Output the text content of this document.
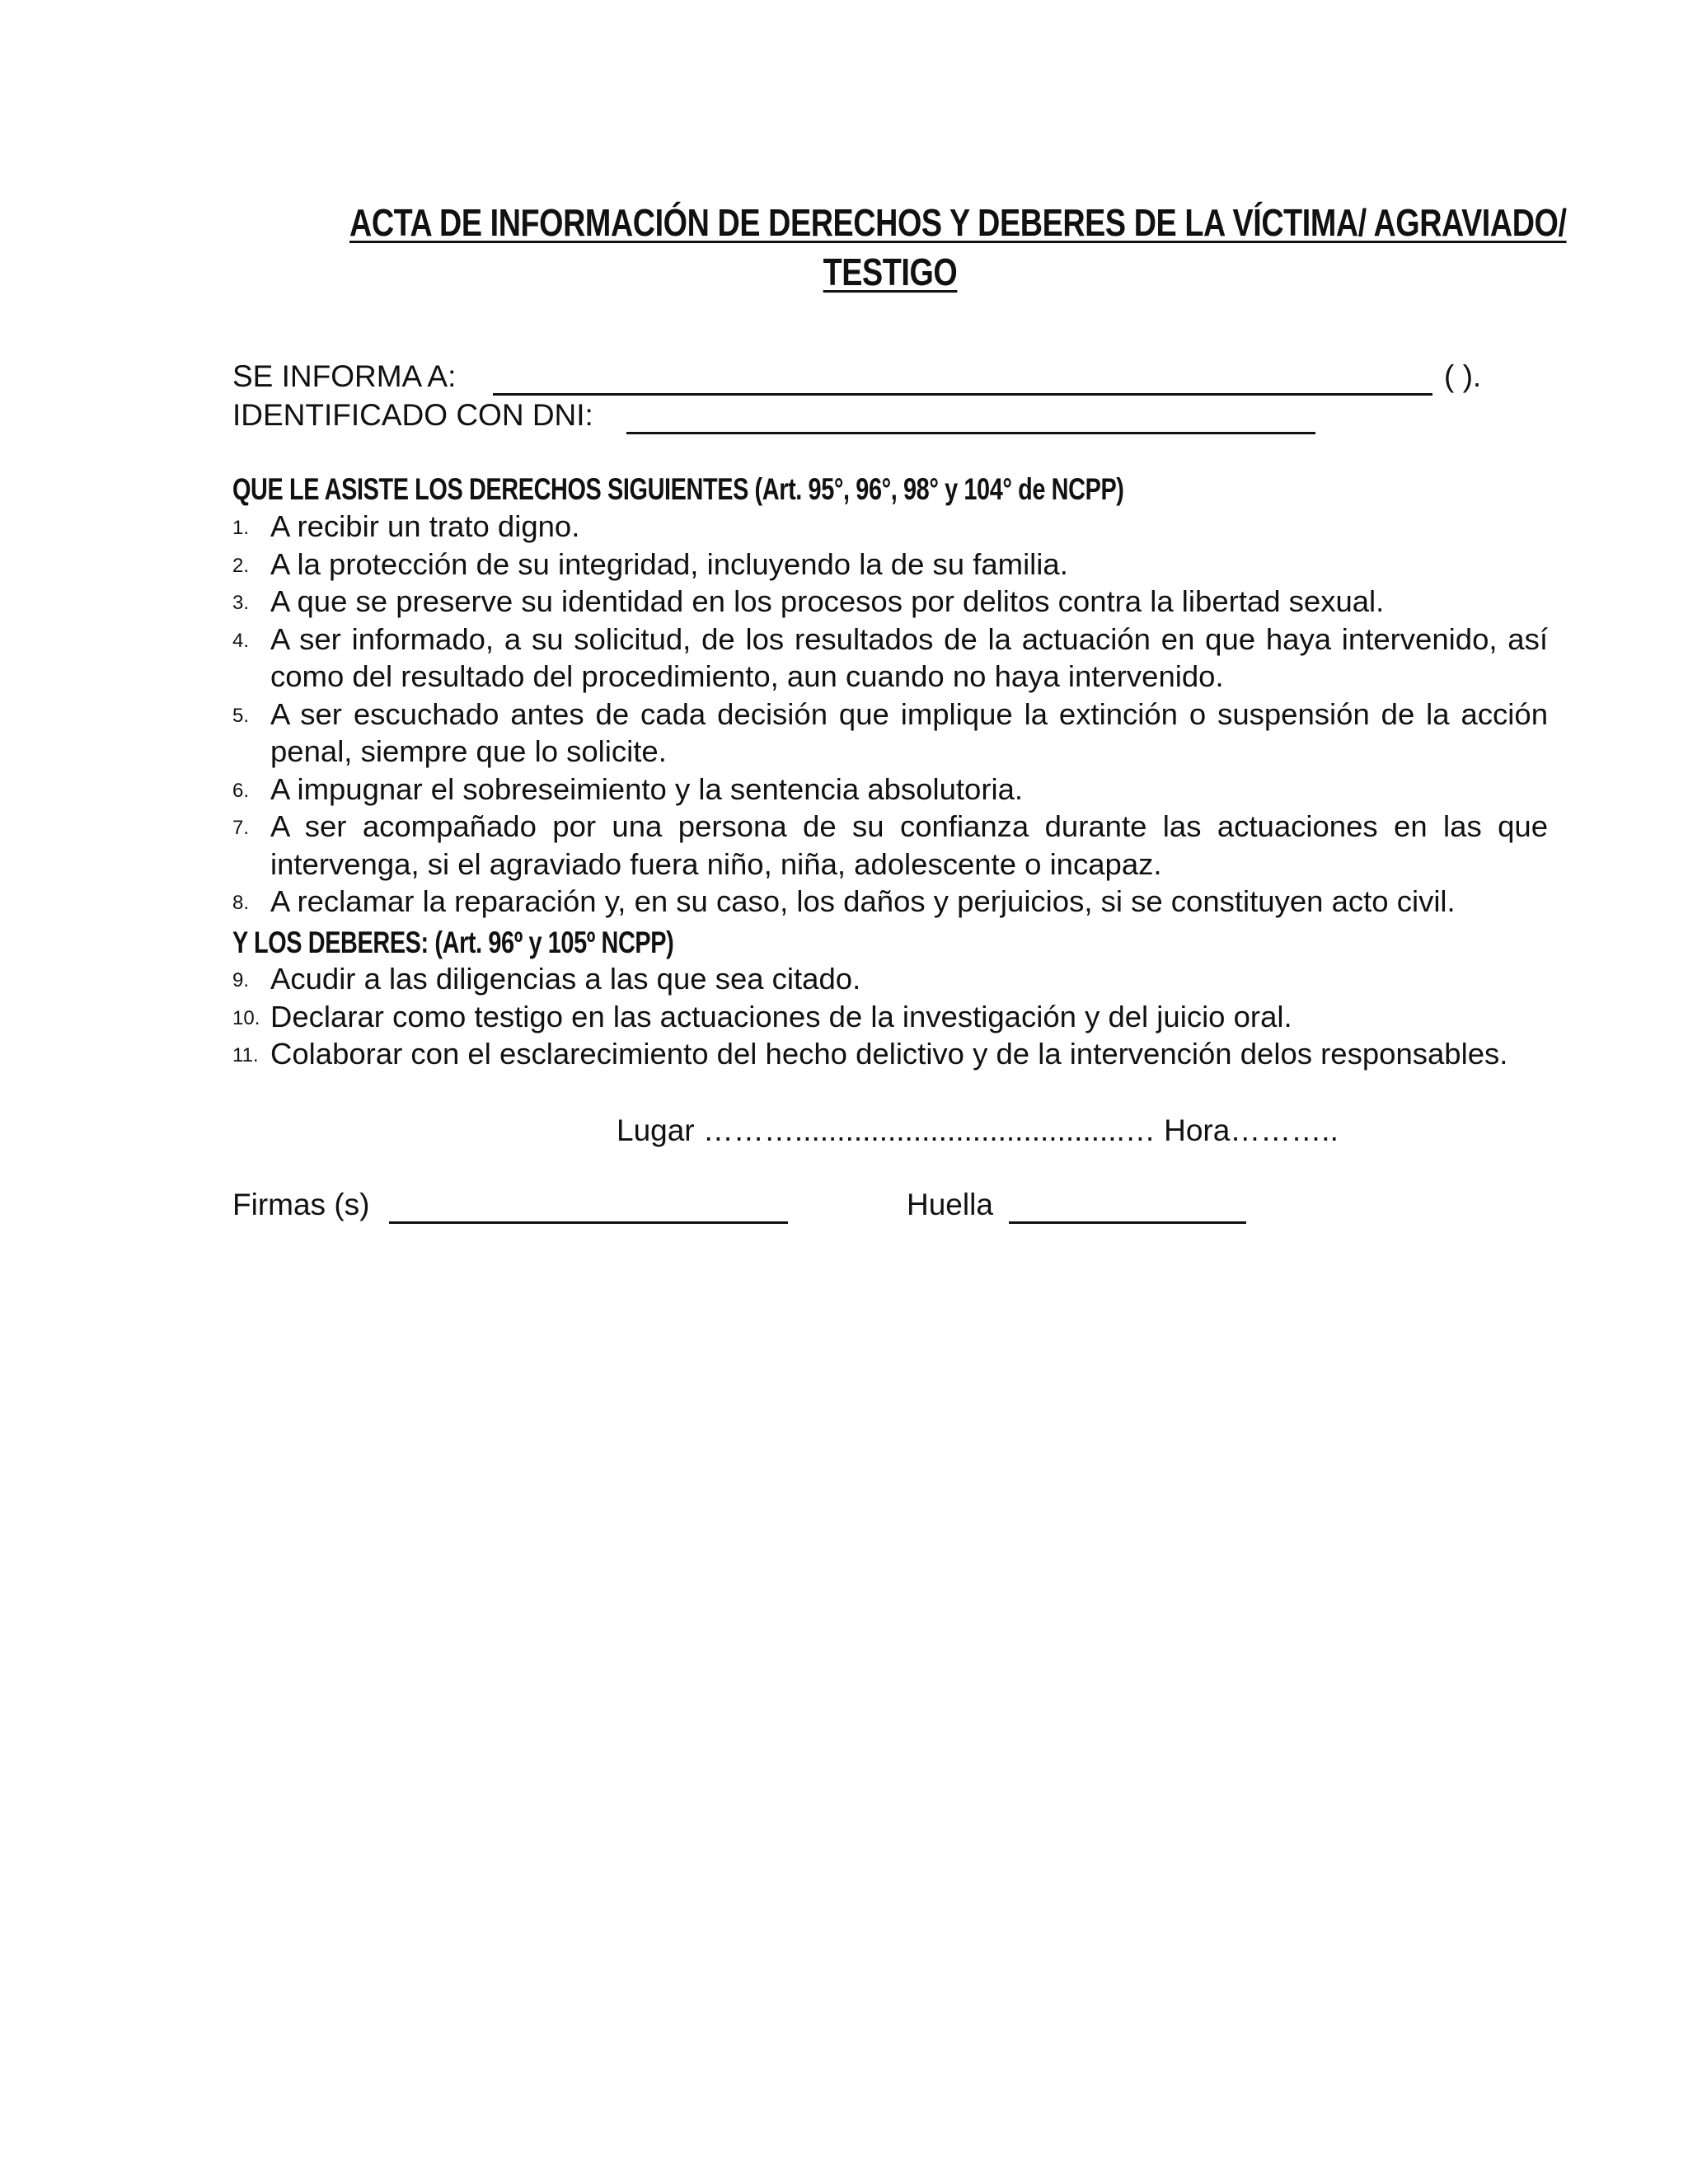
ACTA DE INFORMACIÓN DE DERECHOS Y DEBERES DE LA VÍCTIMA/ AGRAVIADO/
TESTIGO
SE INFORMA A:	( ).
IDENTIFICADO CON DNI:
QUE LE ASISTE LOS DERECHOS SIGUIENTES (Art. 95°, 96°, 98° y 104° de NCPP)
1. A recibir un trato digno.
2. A la protección de su integridad, incluyendo la de su familia.
3. A que se preserve su identidad en los procesos por delitos contra la libertad sexual.
4. A ser informado, a su solicitud, de los resultados de la actuación en que haya intervenido, así como del resultado del procedimiento, aun cuando no haya intervenido.
5. A ser escuchado antes de cada decisión que implique la extinción o suspensión de la acción penal, siempre que lo solicite.
6. A impugnar el sobreseimiento y la sentencia absolutoria.
7. A ser acompañado por una persona de su confianza durante las actuaciones en las que intervenga, si el agraviado fuera niño, niña, adolescente o incapaz.
8. A reclamar la reparación y, en su caso, los daños y perjuicios, si se constituyen acto civil.
Y LOS DEBERES: (Art. 96º y 105º NCPP)
9. Acudir a las diligencias a las que sea citado.
10. Declarar como testigo en las actuaciones de la investigación y del juicio oral.
11. Colaborar con el esclarecimiento del hecho delictivo y de la intervención delos responsables.
Lugar ……….......................................… Hora………..
Firmas (s)	Huella
